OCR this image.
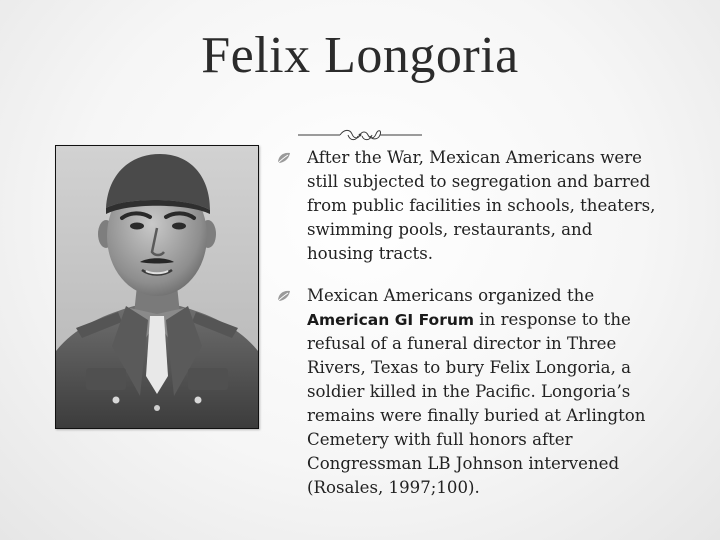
Felix Longoria
After the War, Mexican Americans were
still subjected to segregation and barred
from public facilities in schools, theaters,
swimming pools, restaurants, and
housing tracts.
Mexican Americans organized the
American GI Forum in response to the
refusal of a funeral director in Three
Rivers, Texas to bury Felix Longoria, a
soldier killed in the Pacific. Longoria’s
remains were finally buried at Arlington
Cemetery with full honors after
Congressman LB Johnson intervened
(Rosales, 1997;100).
